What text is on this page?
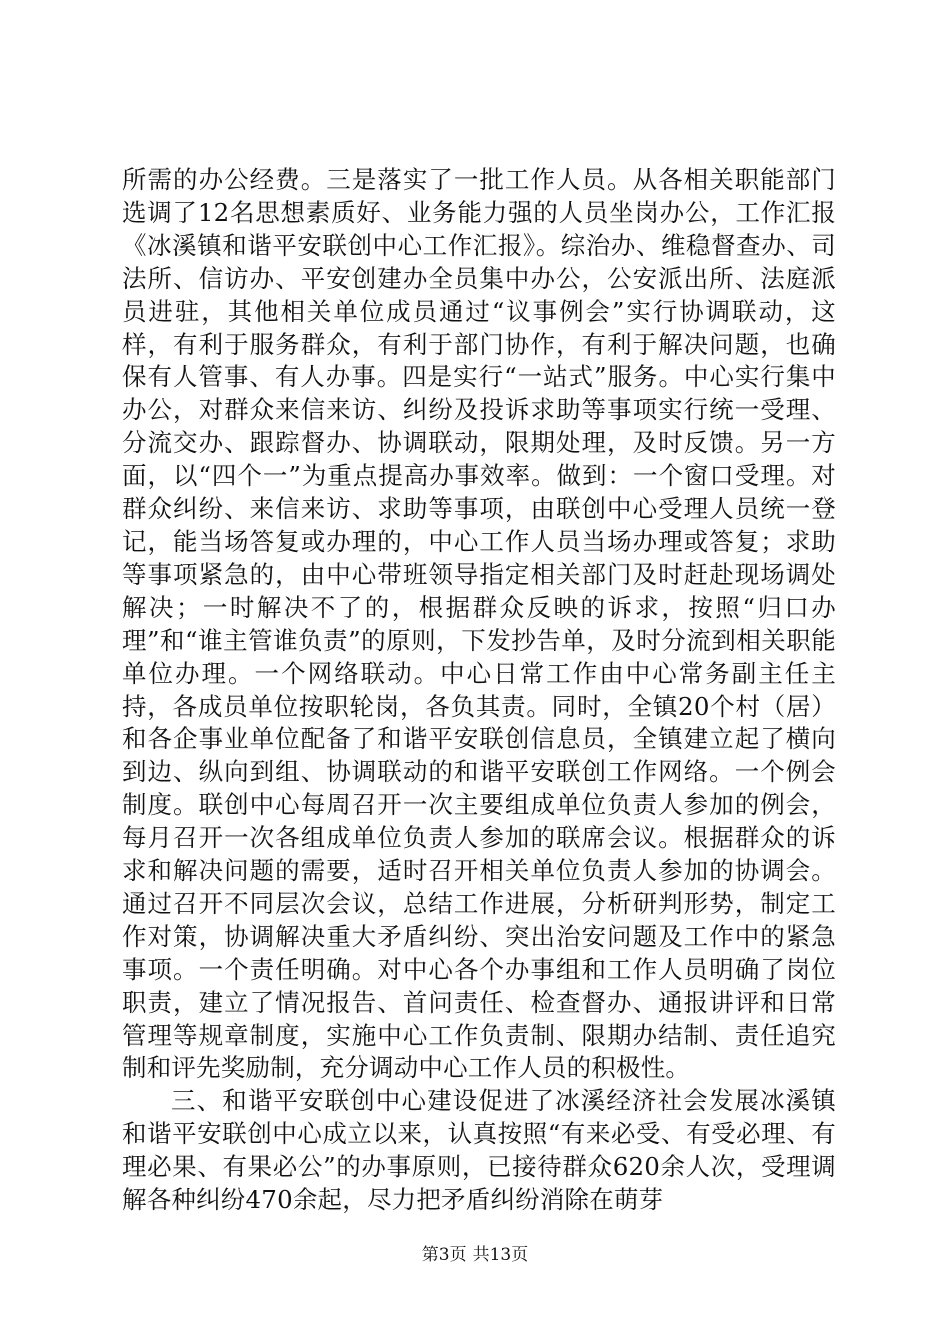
所需的办公经费。三是落实了一批工作人员。从各相关职能部门选调了12名思想素质好、业务能力强的人员坐岗办公，工作汇报《冰溪镇和谐平安联创中心工作汇报》。综治办、维稳督查办、司法所、信访办、平安创建办全员集中办公，公安派出所、法庭派员进驻，其他相关单位成员通过“议事例会”实行协调联动，这样，有利于服务群众，有利于部门协作，有利于解决问题，也确保有人管事、有人办事。四是实行“一站式”服务。中心实行集中办公，对群众来信来访、纠纷及投诉求助等事项实行统一受理、分流交办、跟踪督办、协调联动，限期处理，及时反馈。另一方面，以“四个一”为重点提高办事效率。做到：一个窗口受理。对群众纠纷、来信来访、求助等事项，由联创中心受理人员统一登记，能当场答复或办理的，中心工作人员当场办理或答复；求助等事项紧急的，由中心带班领导指定相关部门及时赶赴现场调处解决；一时解决不了的，根据群众反映的诉求，按照“归口办理”和“谁主管谁负责”的原则，下发抄告单，及时分流到相关职能单位办理。一个网络联动。中心日常工作由中心常务副主任主持，各成员单位按职轮岗，各负其责。同时，全镇20个村（居）和各企事业单位配备了和谐平安联创信息员，全镇建立起了横向到边、纵向到组、协调联动的和谐平安联创工作网络。一个例会制度。联创中心每周召开一次主要组成单位负责人参加的例会，每月召开一次各组成单位负责人参加的联席会议。根据群众的诉求和解决问题的需要，适时召开相关单位负责人参加的协调会。通过召开不同层次会议，总结工作进展，分析研判形势，制定工作对策，协调解决重大矛盾纠纷、突出治安问题及工作中的紧急事项。一个责任明确。对中心各个办事组和工作人员明确了岗位职责，建立了情况报告、首问责任、检查督办、通报讲评和日常管理等规章制度，实施中心工作负责制、限期办结制、责任追究制和评先奖励制，充分调动中心工作人员的积极性。

三、和谐平安联创中心建设促进了冰溪经济社会发展冰溪镇和谐平安联创中心成立以来，认真按照“有来必受、有受必理、有理必果、有果必公”的办事原则，已接待群众620余人次，受理调解各种纠纷470余起，尽力把矛盾纠纷消除在萌芽

第3页 共13页
